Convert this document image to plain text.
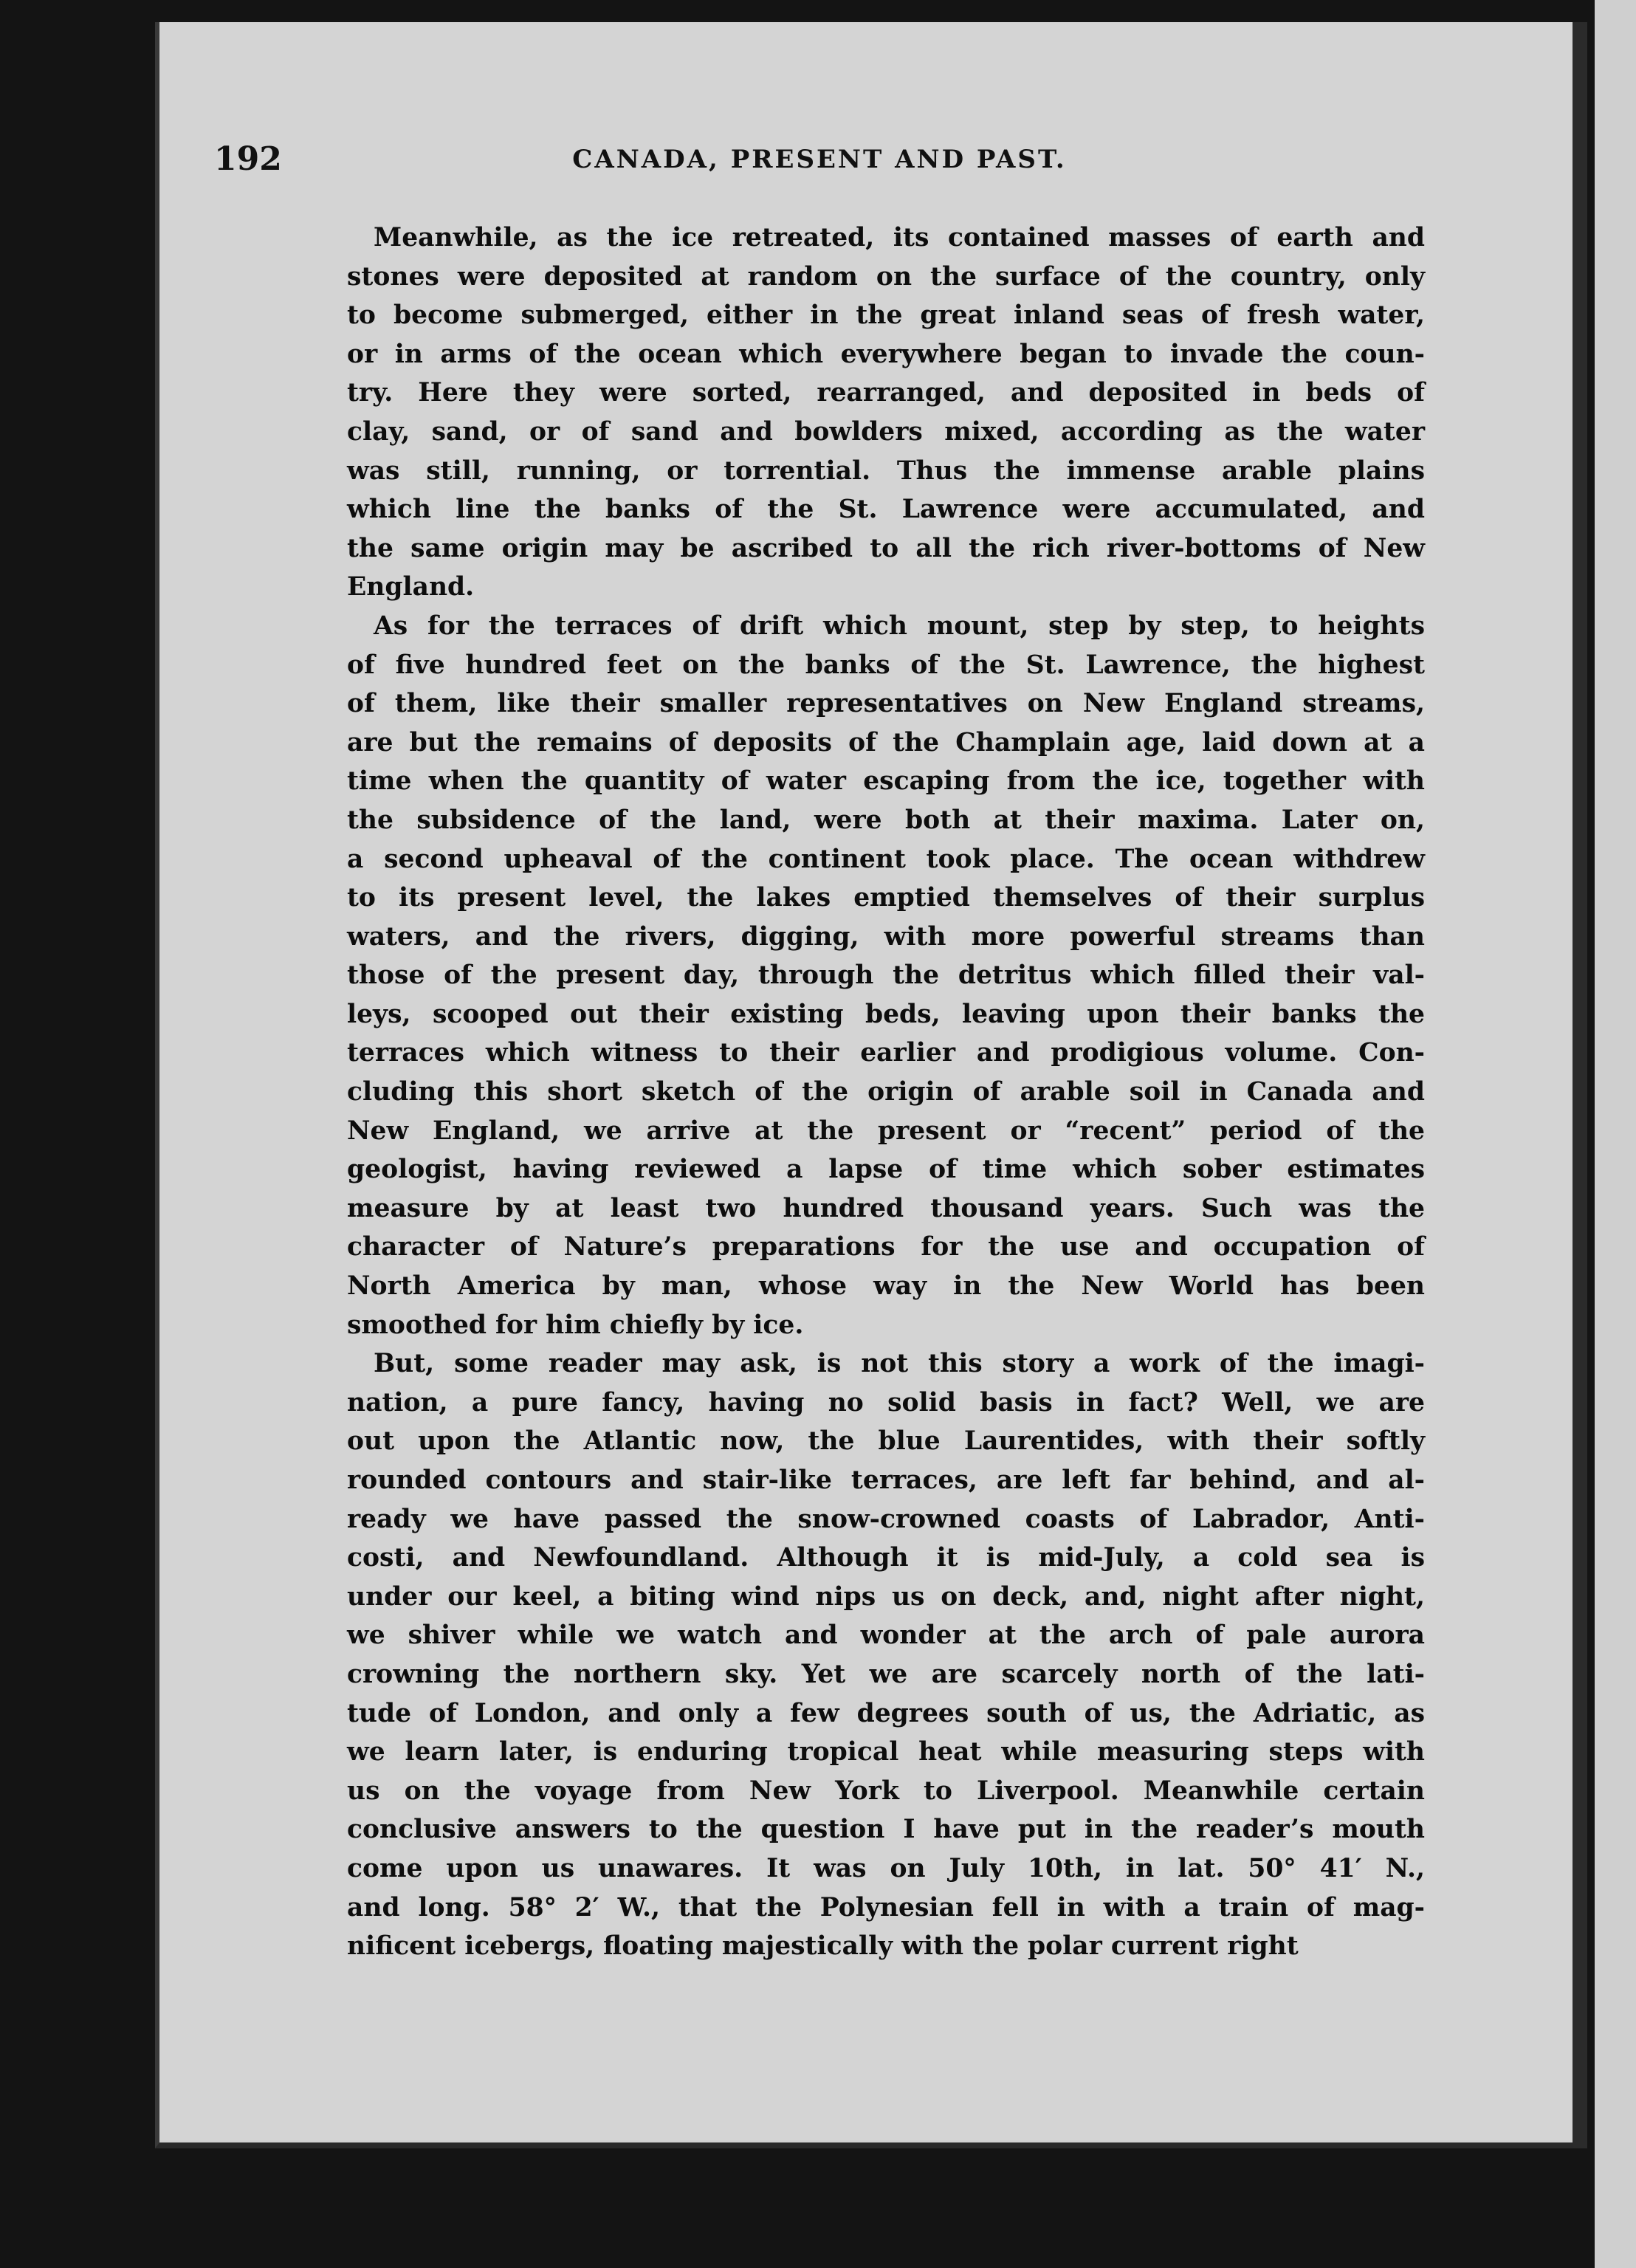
192	CANADA, PRESENT AND PAST.

Meanwhile, as the ice retreated, its contained masses of earth and
stones were deposited at random on the surface of the country, only
to become submerged, either in the great inland seas of fresh water,
or in arms of the ocean which everywhere began to invade the coun-
try. Here they were sorted, rearranged, and deposited in beds of
clay, sand, or of sand and bowlders mixed, according as the water
was still, running, or torrential. Thus the immense arable plains
which line the banks of the St. Lawrence were accumulated, and
the same origin may be ascribed to all the rich river-bottoms of New
England.

As for the terraces of drift which mount, step by step, to heights
of five hundred feet on the banks of the St. Lawrence, the highest
of them, like their smaller representatives on New England streams,
are but the remains of deposits of the Champlain age, laid down at a
time when the quantity of water escaping from the ice, together with
the subsidence of the land, were both at their maxima. Later on,
a second upheaval of the continent took place. The ocean withdrew
to its present level, the lakes emptied themselves of their surplus
waters, and the rivers, digging, with more powerful streams than
those of the present day, through the detritus which filled their val-
leys, scooped out their existing beds, leaving upon their banks the
terraces which witness to their earlier and prodigious volume. Con-
cluding this short sketch of the origin of arable soil in Canada and
New England, we arrive at the present or “recent” period of the
geologist, having reviewed a lapse of time which sober estimates
measure by at least two hundred thousand years. Such was the
character of Nature’s preparations for the use and occupation of
North America by man, whose way in the New World has been
smoothed for him chiefly by ice.

But, some reader may ask, is not this story a work of the imagi-
nation, a pure fancy, having no solid basis in fact? Well, we are
out upon the Atlantic now, the blue Laurentides, with their softly
rounded contours and stair-like terraces, are left far behind, and al-
ready we have passed the snow-crowned coasts of Labrador, Anti-
costi, and Newfoundland. Although it is mid-July, a cold sea is
under our keel, a biting wind nips us on deck, and, night after night,
we shiver while we watch and wonder at the arch of pale aurora
crowning the northern sky. Yet we are scarcely north of the lati-
tude of London, and only a few degrees south of us, the Adriatic, as
we learn later, is enduring tropical heat while measuring steps with
us on the voyage from New York to Liverpool. Meanwhile certain
conclusive answers to the question I have put in the reader’s mouth
come upon us unawares. It was on July 10th, in lat. 50° 41′ N.,
and long. 58° 2′ W., that the Polynesian fell in with a train of mag-
nificent icebergs, floating majestically with the polar current right
